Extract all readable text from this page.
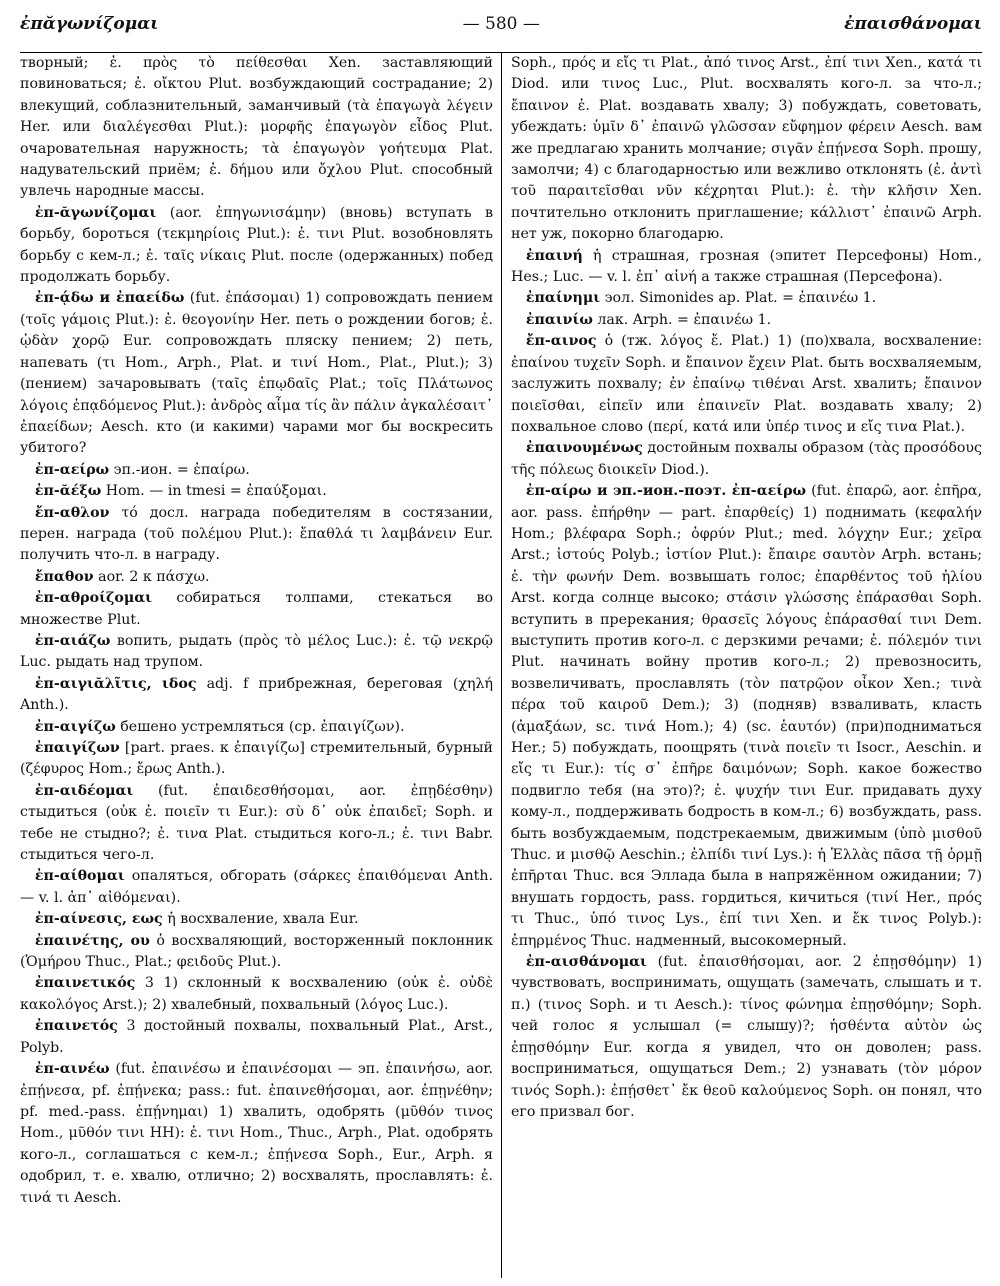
ἐπᾰγωνίζομαι	— 580 —	ἐπαισθάνομαι

творный; ἐ. πρὸς τὸ πείθεσθαι Xen. заставляющий повиноваться; ἐ. οἴκτου Plut. возбуждающий сострадание; 2) влекущий, соблазнительный, заманчивый (τὰ ἐπαγωγὰ λέγειν Her. или διαλέγεσθαι Plut.): μορφῆς ἐπαγωγὸν εἶδος Plut. очаровательная наружность; τὰ ἐπαγωγὸν γοήτευμα Plat. надувательский приём; ἐ. δήμου или ὄχλου Plut. способный увлечь народные массы.

ἐπ-ᾰγωνίζομαι (aor. ἐπηγωνισάμην) (вновь) вступать в борьбу, бороться (τεκμηρίοις Plut.): ἐ. τινι Plut. возобновлять борьбу с кем-л.; ἐ. ταῖς νίκαις Plut. после (одержанных) побед продолжать борьбу.

ἐπ-ᾴδω и ἐπαείδω (fut. ἐπάσομαι) 1) сопровождать пением (τοῖς γάμοις Plut.): ἐ. θεογονίην Her. петь о рождении богов; ἐ. ᾠδὰν χορῷ Eur. сопровождать пляску пением; 2) петь, напевать (τι Hom., Arph., Plat. и τινί Hom., Plat., Plut.); 3) (пением) зачаровывать (ταῖς ἐπῳδαῖς Plat.; τοῖς Πλάτωνος λόγοις ἐπᾳδόμενος Plut.): ἀνδρὸς αἷμα τίς ἂν πάλιν ἀγκαλέσαιτ᾽ ἐπαείδων; Aesch. кто (и какими) чарами мог бы воскресить убитого?

ἐπ-αείρω эп.-ион. = ἐπαίρω.

ἐπ-ᾰέξω Hom. — in tmesi = ἐπαύξομαι.

ἔπ-αθλον τό досл. награда победителям в состязании, перен. награда (τοῦ πολέμου Plut.): ἔπαθλά τι λαμβάνειν Eur. получить что-л. в награду.

ἔπαθον aor. 2 к πάσχω.

ἐπ-αθροίζομαι собираться толпами, стекаться во множестве Plut.

ἐπ-αιάζω вопить, рыдать (πρὸς τὸ μέλος Luc.): ἐ. τῷ νεκρῷ Luc. рыдать над трупом.

ἐπ-αιγιᾰλῖτις, ιδος adj. f прибрежная, береговая (χηλή Anth.).

ἐπ-αιγίζω бешено устремляться (ср. ἐπαιγίζων).

ἐπαιγίζων [part. praes. к ἐπαιγίζω] стремительный, бурный (ζέφυρος Hom.; ἔρως Anth.).

ἐπ-αιδέομαι (fut. ἐπαιδεσθήσομαι, aor. ἐπῃδέσθην) стыдиться (οὐκ ἐ. ποιεῖν τι Eur.): σὺ δ᾽ οὐκ ἐπαιδεῖ; Soph. и тебе не стыдно?; ἐ. τινα Plat. стыдиться кого-л.; ἐ. τινι Babr. стыдиться чего-л.

ἐπ-αίθομαι опаляться, обгорать (σάρκες ἐπαιθόμεναι Anth. — v. l. ἀπ᾽ αἰθόμεναι).

ἐπ-αίνεσις, εως ἡ восхваление, хвала Eur.

ἐπαινέτης, ου ὁ восхваляющий, восторженный поклонник (Ὁμήρου Thuc., Plat.; φειδοῦς Plut.).

ἐπαινετικός 3 1) склонный к восхвалению (οὐκ ἐ. οὐδὲ κακολόγος Arst.); 2) хвалебный, похвальный (λόγος Luc.).

ἐπαινετός 3 достойный похвалы, похвальный Plat., Arst., Polyb.

ἐπ-αινέω (fut. ἐπαινέσω и ἐπαινέσομαι — эп. ἐπαινήσω, aor. ἐπῄνεσα, pf. ἐπῄνεκα; pass.: fut. ἐπαινεθήσομαι, aor. ἐπῃνέθην; pf. med.-pass. ἐπῄνημαι) 1) хвалить, одобрять (μῦθόν τινος Hom., μῦθόν τινι HH): ἐ. τινι Hom., Thuc., Arph., Plat. одобрять кого-л., соглашаться с кем-л.; ἐπῄνεσα Soph., Eur., Arph. я одобрил, т. е. хвалю, отлично; 2) восхвалять, прославлять: ἐ. τινά τι Aesch.

Soph., πρός и εἴς τι Plat., ἀπό τινος Arst., ἐπί τινι Xen., κατά τι Diod. или τινος Luc., Plut. восхвалять кого-л. за что-л.; ἔπαινον ἐ. Plat. воздавать хвалу; 3) побуждать, советовать, убеждать: ὑμῖν δ᾽ ἐπαινῶ γλῶσσαν εὔφημον φέρειν Aesch. вам же предлагаю хранить молчание; σιγᾶν ἐπῄνεσα Soph. прошу, замолчи; 4) с благодарностью или вежливо отклонять (ἐ. ἀντὶ τοῦ παραιτεῖσθαι νῦν κέχρηται Plut.): ἐ. τὴν κλῆσιν Xen. почтительно отклонить приглашение; κάλλιστ᾽ ἐπαινῶ Arph. нет уж, покорно благодарю.

ἐπαινή ἡ страшная, грозная (эпитет Персефоны) Hom., Hes.; Luc. — v. l. ἐπ᾽ αἰνή а также страшная (Персефона).

ἐπαίνημι эол. Simonides ap. Plat. = ἐπαινέω 1.

ἐπαινίω лак. Arph. = ἐπαινέω 1.

ἔπ-αινος ὁ (тж. λόγος ἔ. Plat.) 1) (по)хвала, восхваление: ἐπαίνου τυχεῖν Soph. и ἔπαινον ἔχειν Plat. быть восхваляемым, заслужить похвалу; ἐν ἐπαίνῳ τιθέναι Arst. хвалить; ἔπαινον ποιεῖσθαι, εἰπεῖν или ἐπαινεῖν Plat. воздавать хвалу; 2) похвальное слово (περί, κατά или ὑπέρ τινος и εἴς τινα Plat.).

ἐπαινουμένως достойным похвалы образом (τὰς προσόδους τῆς πόλεως διοικεῖν Diod.).

ἐπ-αίρω и эп.-ион.-поэт. ἐπ-αείρω (fut. ἐπαρῶ, aor. ἐπῆρα, aor. pass. ἐπήρθην — part. ἐπαρθείς) 1) поднимать (κεφαλήν Hom.; βλέφαρα Soph.; ὀφρύν Plut.; med. λόγχην Eur.; χεῖρα Arst.; ἱστούς Polyb.; ἱστίον Plut.): ἔπαιρε σαυτὸν Arph. встань; ἐ. τὴν φωνήν Dem. возвышать голос; ἐπαρθέντος τοῦ ἡλίου Arst. когда солнце высоко; στάσιν γλώσσης ἐπάρασθαι Soph. вступить в пререкания; θρασεῖς λόγους ἐπάρασθαί τινι Dem. выступить против кого-л. с дерзкими речами; ἐ. πόλεμόν τινι Plut. начинать войну против кого-л.; 2) превозносить, возвеличивать, прославлять (τὸν πατρῷον οἶκον Xen.; τινὰ πέρα τοῦ καιροῦ Dem.); 3) (подняв) взваливать, класть (ἁμαξάων, sc. τινά Hom.); 4) (sc. ἑαυτόν) (при)подниматься Her.; 5) побуждать, поощрять (τινὰ ποιεῖν τι Isocr., Aeschin. и εἴς τι Eur.): τίς σ᾽ ἐπῆρε δαιμόνων; Soph. какое божество подвигло тебя (на это)?; ἐ. ψυχήν τινι Eur. придавать духу кому-л., поддерживать бодрость в ком-л.; 6) возбуждать, pass. быть возбуждаемым, подстрекаемым, движимым (ὑπὸ μισθοῦ Thuc. и μισθῷ Aeschin.; ἐλπίδι τινί Lys.): ἡ Ἑλλὰς πᾶσα τῇ ὁρμῇ ἐπῆρται Thuc. вся Эллада была в напряжённом ожидании; 7) внушать гордость, pass. гордиться, кичиться (τινί Her., πρός τι Thuc., ὑπό τινος Lys., ἐπί τινι Xen. и ἔκ τινος Polyb.): ἐπηρμένος Thuc. надменный, высокомерный.

ἐπ-αισθάνομαι (fut. ἐπαισθήσομαι, aor. 2 ἐπῃσθόμην) 1) чувствовать, воспринимать, ощущать (замечать, слышать и т. п.) (τινος Soph. и τι Aesch.): τίνος φώνημα ἐπῃσθόμην; Soph. чей голос я услышал (= слышу)?; ἡσθέντα αὐτὸν ὡς ἐπῃσθόμην Eur. когда я увидел, что он доволен; pass. восприниматься, ощущаться Dem.; 2) узнавать (τὸν μόρον τινός Soph.): ἐπῄσθετ᾽ ἔκ θεοῦ καλούμενος Soph. он понял, что его призвал бог.
